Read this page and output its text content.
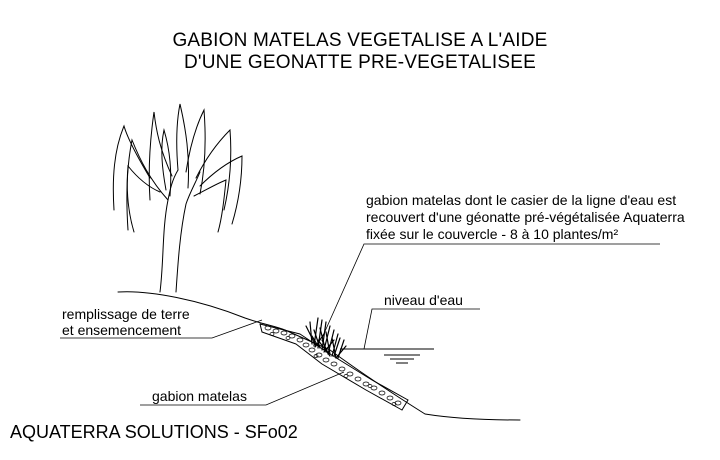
GABION MATELAS VEGETALISE A L'AIDE
D'UNE GEONATTE PRE-VEGETALISEE
gabion matelas dont le casier de la ligne d'eau est
recouvert d'une géonatte pré-végétalisée Aquaterra
fixée sur le couvercle - 8 à 10 plantes/m²
niveau d'eau
remplissage de terre
et ensemencement
gabion matelas
AQUATERRA SOLUTIONS - SFo02
